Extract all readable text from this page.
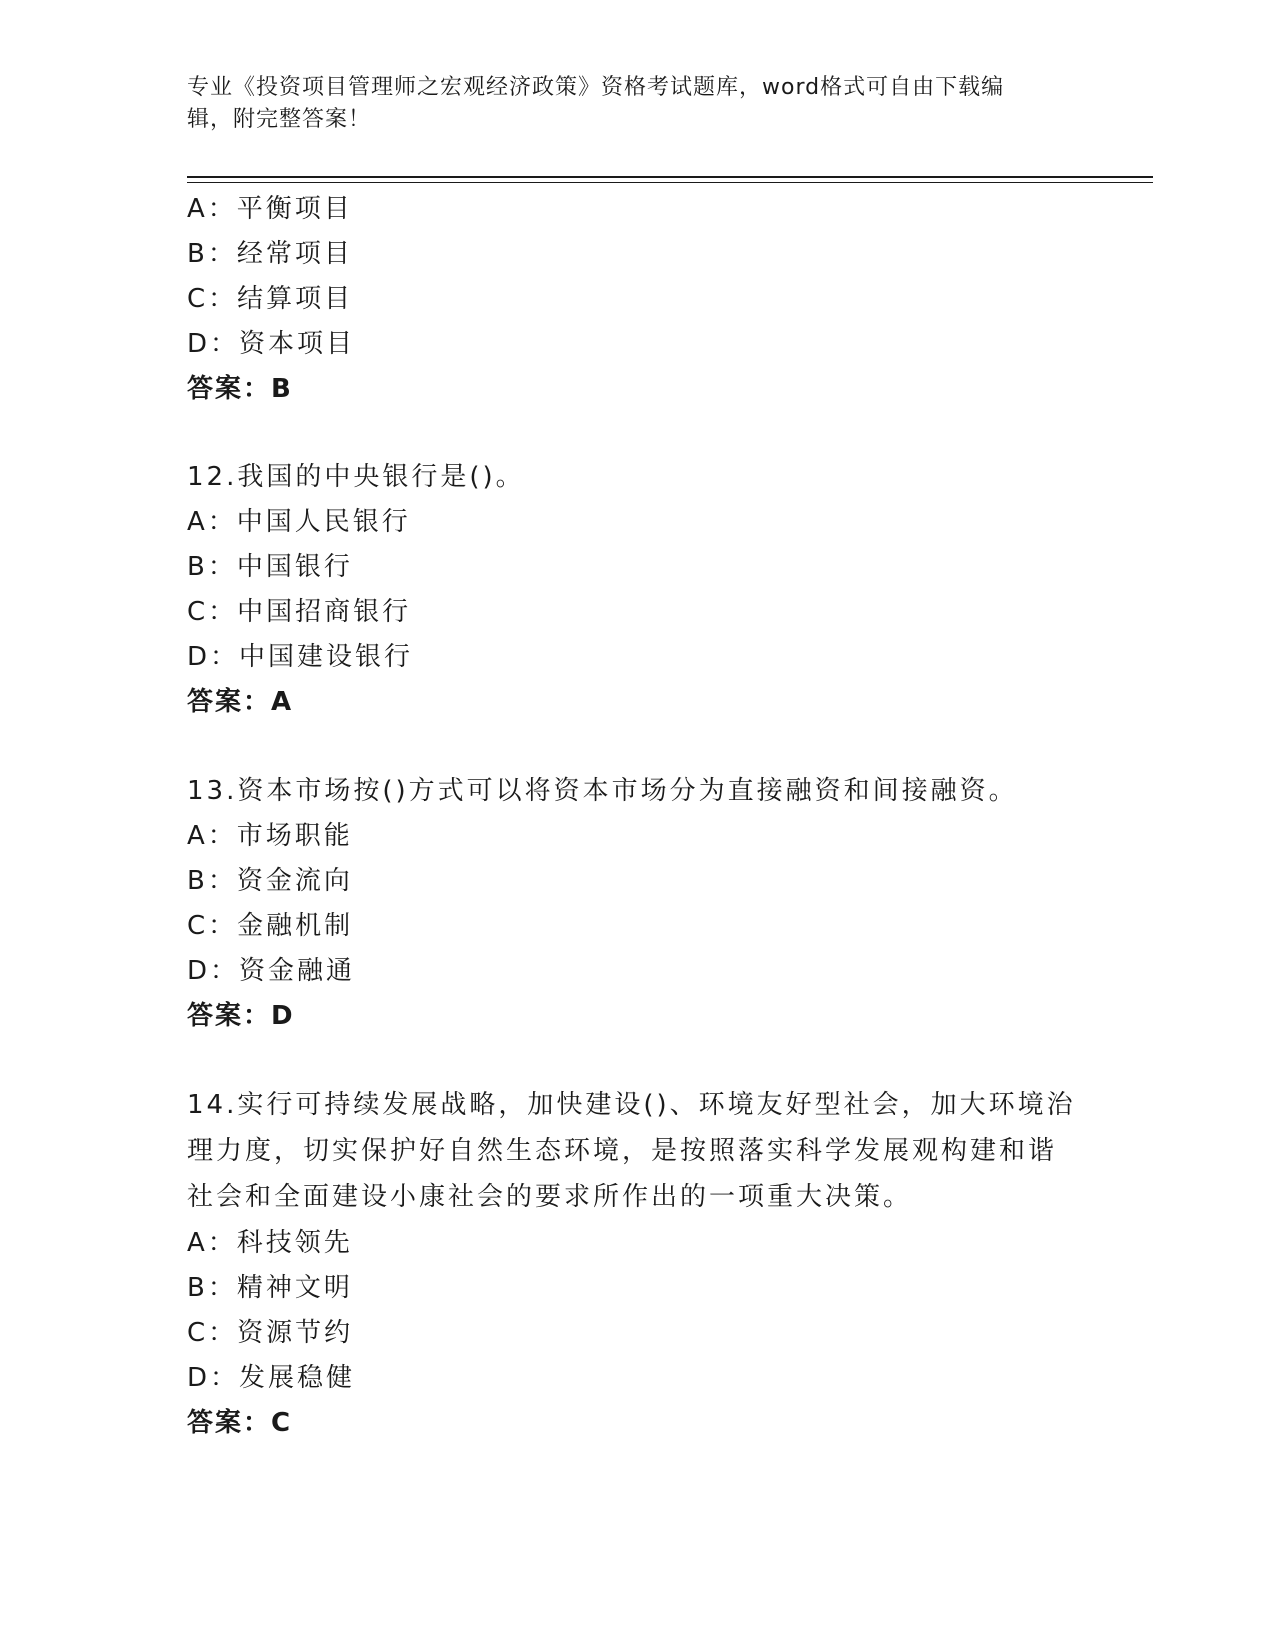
专业《投资项目管理师之宏观经济政策》资格考试题库，word格式可自由下载编
辑，附完整答案！
A：平衡项目
B：经常项目
C：结算项目
D：资本项目
答案：B
12.我国的中央银行是()。
A：中国人民银行
B：中国银行
C：中国招商银行
D：中国建设银行
答案：A
13.资本市场按()方式可以将资本市场分为直接融资和间接融资。
A：市场职能
B：资金流向
C：金融机制
D：资金融通
答案：D
14.实行可持续发展战略，加快建设()、环境友好型社会，加大环境治
理力度，切实保护好自然生态环境，是按照落实科学发展观构建和谐
社会和全面建设小康社会的要求所作出的一项重大决策。
A：科技领先
B：精神文明
C：资源节约
D：发展稳健
答案：C
